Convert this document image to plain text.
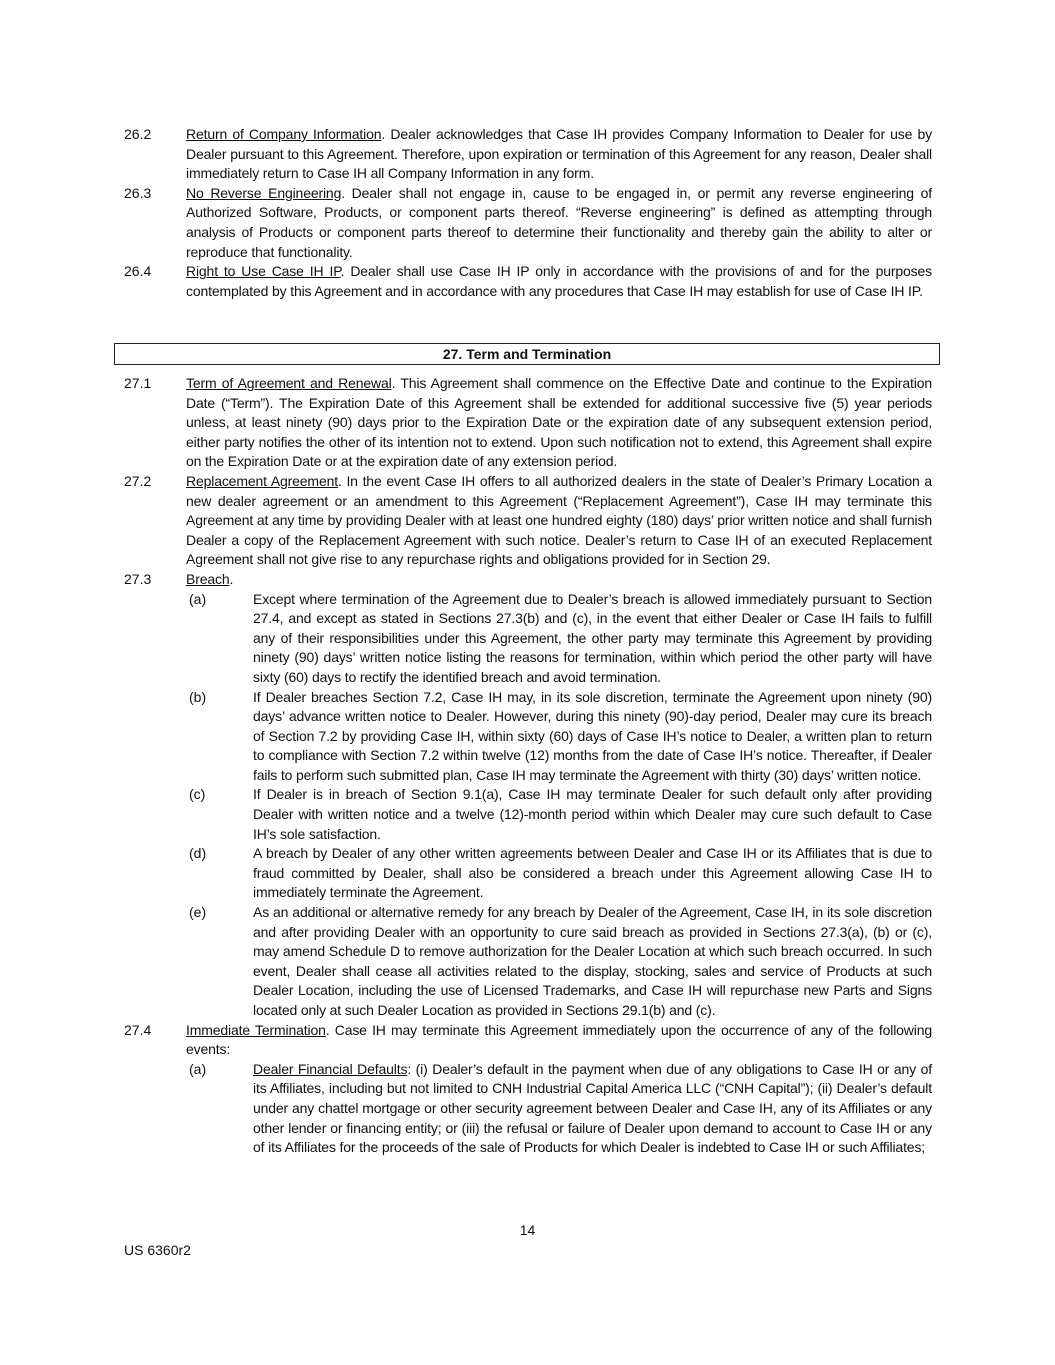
26.2	Return of Company Information. Dealer acknowledges that Case IH provides Company Information to Dealer for use by Dealer pursuant to this Agreement. Therefore, upon expiration or termination of this Agreement for any reason, Dealer shall immediately return to Case IH all Company Information in any form.
26.3	No Reverse Engineering. Dealer shall not engage in, cause to be engaged in, or permit any reverse engineering of Authorized Software, Products, or component parts thereof. “Reverse engineering” is defined as attempting through analysis of Products or component parts thereof to determine their functionality and thereby gain the ability to alter or reproduce that functionality.
26.4	Right to Use Case IH IP. Dealer shall use Case IH IP only in accordance with the provisions of and for the purposes contemplated by this Agreement and in accordance with any procedures that Case IH may establish for use of Case IH IP.
27. Term and Termination
27.1	Term of Agreement and Renewal. This Agreement shall commence on the Effective Date and continue to the Expiration Date (“Term”). The Expiration Date of this Agreement shall be extended for additional successive five (5) year periods unless, at least ninety (90) days prior to the Expiration Date or the expiration date of any subsequent extension period, either party notifies the other of its intention not to extend. Upon such notification not to extend, this Agreement shall expire on the Expiration Date or at the expiration date of any extension period.
27.2	Replacement Agreement. In the event Case IH offers to all authorized dealers in the state of Dealer’s Primary Location a new dealer agreement or an amendment to this Agreement (“Replacement Agreement”), Case IH may terminate this Agreement at any time by providing Dealer with at least one hundred eighty (180) days’ prior written notice and shall furnish Dealer a copy of the Replacement Agreement with such notice. Dealer’s return to Case IH of an executed Replacement Agreement shall not give rise to any repurchase rights and obligations provided for in Section 29.
27.3	Breach.
(a)	Except where termination of the Agreement due to Dealer’s breach is allowed immediately pursuant to Section 27.4, and except as stated in Sections 27.3(b) and (c), in the event that either Dealer or Case IH fails to fulfill any of their responsibilities under this Agreement, the other party may terminate this Agreement by providing ninety (90) days’ written notice listing the reasons for termination, within which period the other party will have sixty (60) days to rectify the identified breach and avoid termination.
(b)	If Dealer breaches Section 7.2, Case IH may, in its sole discretion, terminate the Agreement upon ninety (90) days’ advance written notice to Dealer. However, during this ninety (90)-day period, Dealer may cure its breach of Section 7.2 by providing Case IH, within sixty (60) days of Case IH’s notice to Dealer, a written plan to return to compliance with Section 7.2 within twelve (12) months from the date of Case IH’s notice. Thereafter, if Dealer fails to perform such submitted plan, Case IH may terminate the Agreement with thirty (30) days’ written notice.
(c)	If Dealer is in breach of Section 9.1(a), Case IH may terminate Dealer for such default only after providing Dealer with written notice and a twelve (12)-month period within which Dealer may cure such default to Case IH’s sole satisfaction.
(d)	A breach by Dealer of any other written agreements between Dealer and Case IH or its Affiliates that is due to fraud committed by Dealer, shall also be considered a breach under this Agreement allowing Case IH to immediately terminate the Agreement.
(e)	As an additional or alternative remedy for any breach by Dealer of the Agreement, Case IH, in its sole discretion and after providing Dealer with an opportunity to cure said breach as provided in Sections 27.3(a), (b) or (c), may amend Schedule D to remove authorization for the Dealer Location at which such breach occurred. In such event, Dealer shall cease all activities related to the display, stocking, sales and service of Products at such Dealer Location, including the use of Licensed Trademarks, and Case IH will repurchase new Parts and Signs located only at such Dealer Location as provided in Sections 29.1(b) and (c).
27.4	Immediate Termination. Case IH may terminate this Agreement immediately upon the occurrence of any of the following events:
(a)	Dealer Financial Defaults: (i) Dealer’s default in the payment when due of any obligations to Case IH or any of its Affiliates, including but not limited to CNH Industrial Capital America LLC (“CNH Capital”); (ii) Dealer’s default under any chattel mortgage or other security agreement between Dealer and Case IH, any of its Affiliates or any other lender or financing entity; or (iii) the refusal or failure of Dealer upon demand to account to Case IH or any of its Affiliates for the proceeds of the sale of Products for which Dealer is indebted to Case IH or such Affiliates;
14
US 6360r2
